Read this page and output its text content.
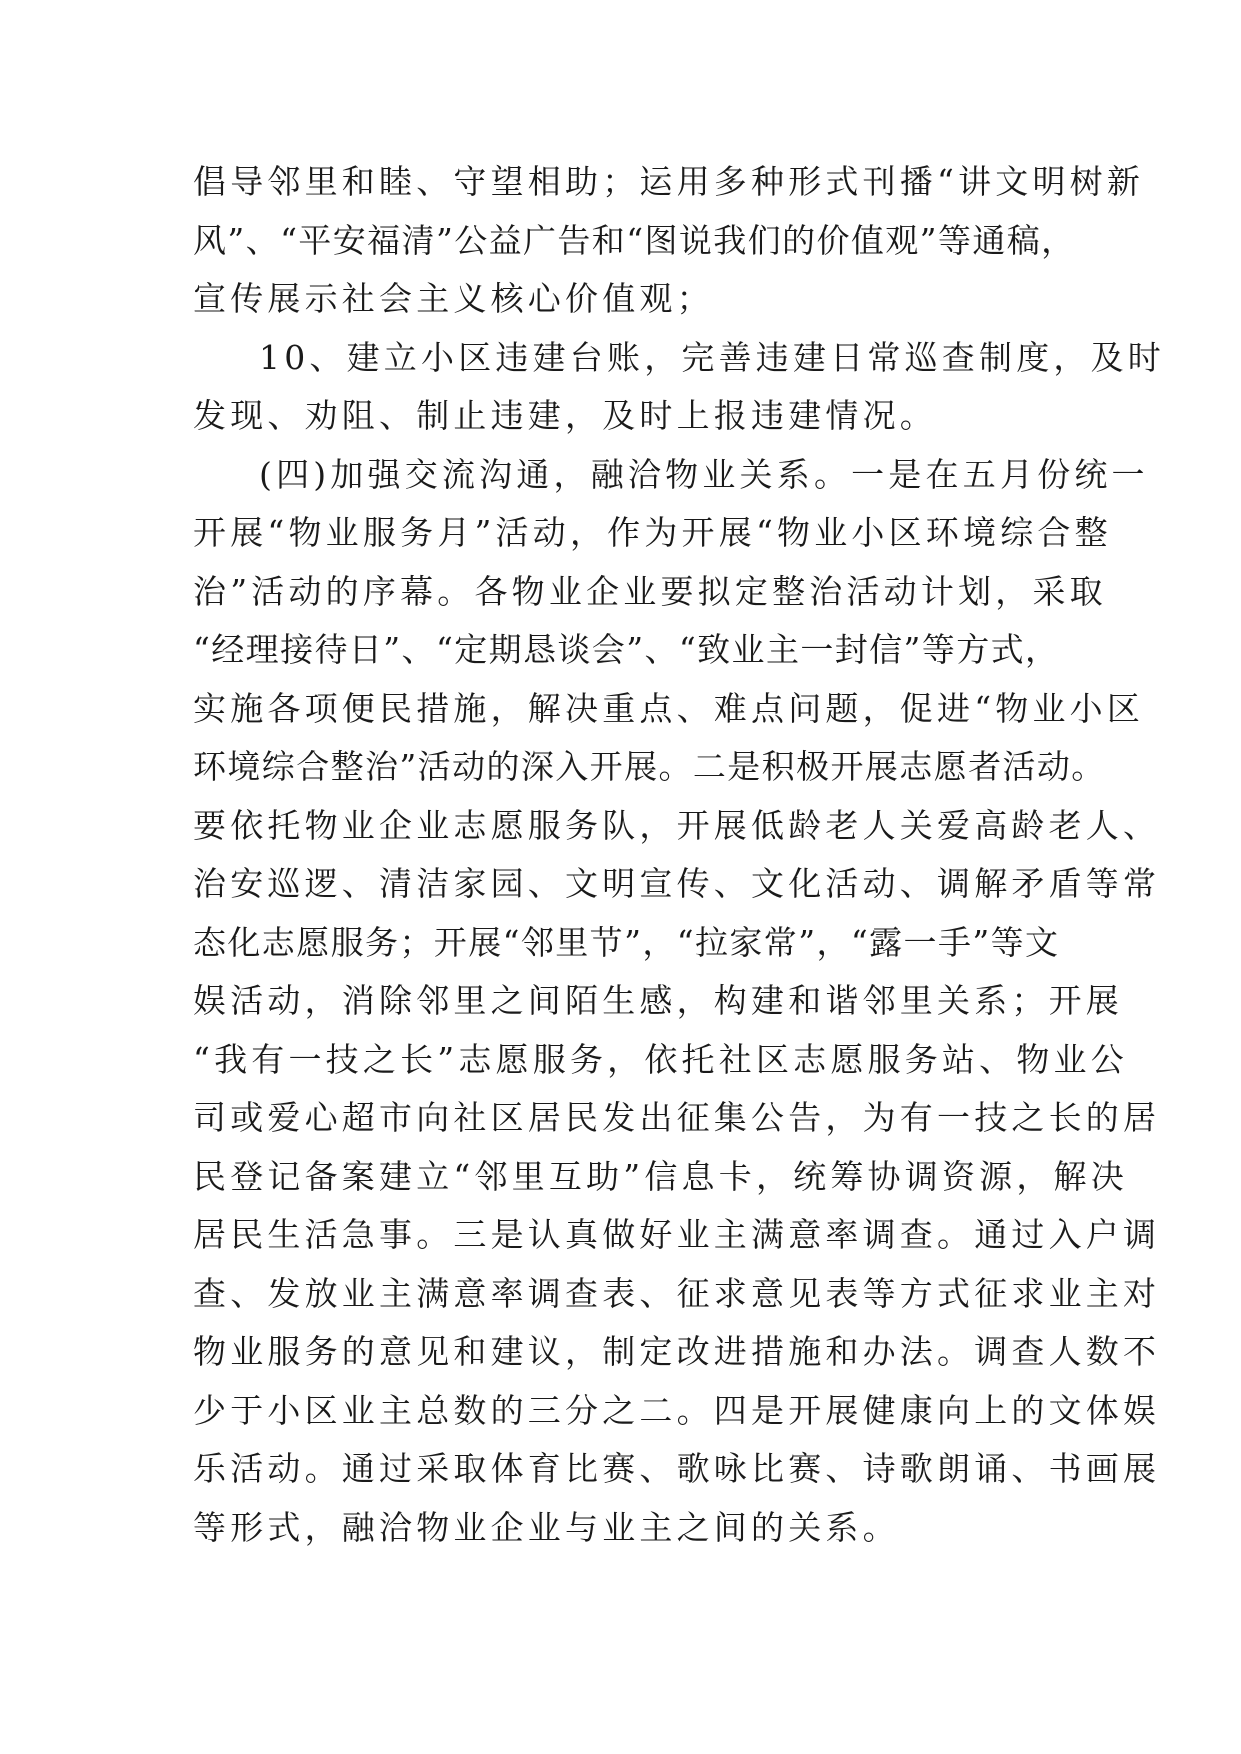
倡导邻里和睦、守望相助；运用多种形式刊播“讲文明树新
风”、“平安福清”公益广告和“图说我们的价值观”等通稿，
宣传展示社会主义核心价值观；
10、建立小区违建台账，完善违建日常巡查制度，及时
发现、劝阻、制止违建，及时上报违建情况。
(四)加强交流沟通，融洽物业关系。一是在五月份统一
开展“物业服务月”活动，作为开展“物业小区环境综合整
治”活动的序幕。各物业企业要拟定整治活动计划，采取
“经理接待日”、“定期恳谈会”、“致业主一封信”等方式，
实施各项便民措施，解决重点、难点问题，促进“物业小区
环境综合整治”活动的深入开展。二是积极开展志愿者活动。
要依托物业企业志愿服务队，开展低龄老人关爱高龄老人、
治安巡逻、清洁家园、文明宣传、文化活动、调解矛盾等常
态化志愿服务；开展“邻里节”，“拉家常”，“露一手”等文
娱活动，消除邻里之间陌生感，构建和谐邻里关系；开展
“我有一技之长”志愿服务，依托社区志愿服务站、物业公
司或爱心超市向社区居民发出征集公告，为有一技之长的居
民登记备案建立“邻里互助”信息卡，统筹协调资源，解决
居民生活急事。三是认真做好业主满意率调查。通过入户调
查、发放业主满意率调查表、征求意见表等方式征求业主对
物业服务的意见和建议，制定改进措施和办法。调查人数不
少于小区业主总数的三分之二。四是开展健康向上的文体娱
乐活动。通过采取体育比赛、歌咏比赛、诗歌朗诵、书画展
等形式，融洽物业企业与业主之间的关系。
